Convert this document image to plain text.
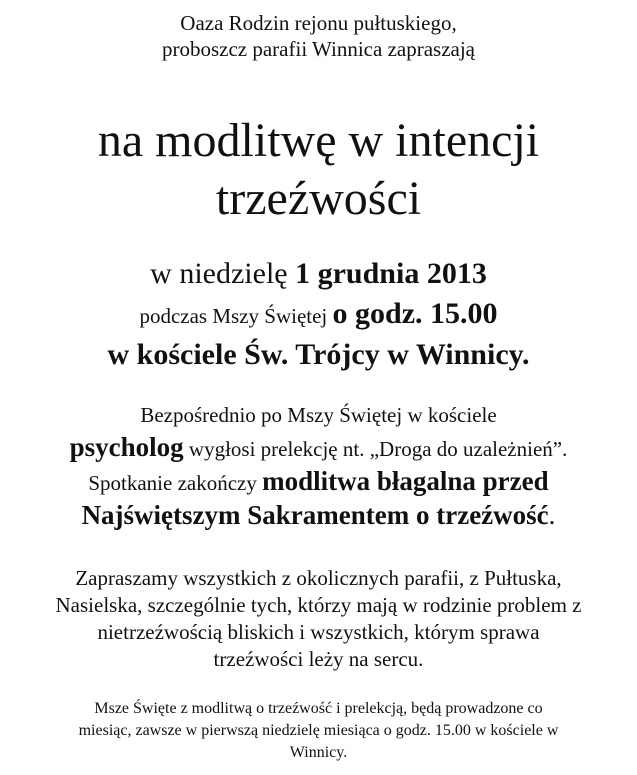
Oaza Rodzin rejonu pułtuskiego,
proboszcz parafii Winnica zapraszają
na modlitwę w intencji
trzeźwości
w niedzielę 1 grudnia 2013
podczas Mszy Świętej o godz. 15.00
w kościele Św. Trójcy w Winnicy.
Bezpośrednio po Mszy Świętej w kościele
psycholog wygłosi prelekcję nt. „Droga do uzależnień”.
Spotkanie zakończy modlitwa błagalna przed
Najświętszym Sakramentem o trzeźwość.
Zapraszamy wszystkich z okolicznych parafii, z Pułtuska,
Nasielska, szczególnie tych, którzy mają w rodzinie problem z
nietrzeźwością bliskich i wszystkich, którym sprawa
trzeźwości leży na sercu.
Msze Święte z modlitwą o trzeźwość i prelekcją, będą prowadzone co
miesiąc, zawsze w pierwszą niedzielę miesiąca o godz. 15.00 w kościele w
Winnicy.
